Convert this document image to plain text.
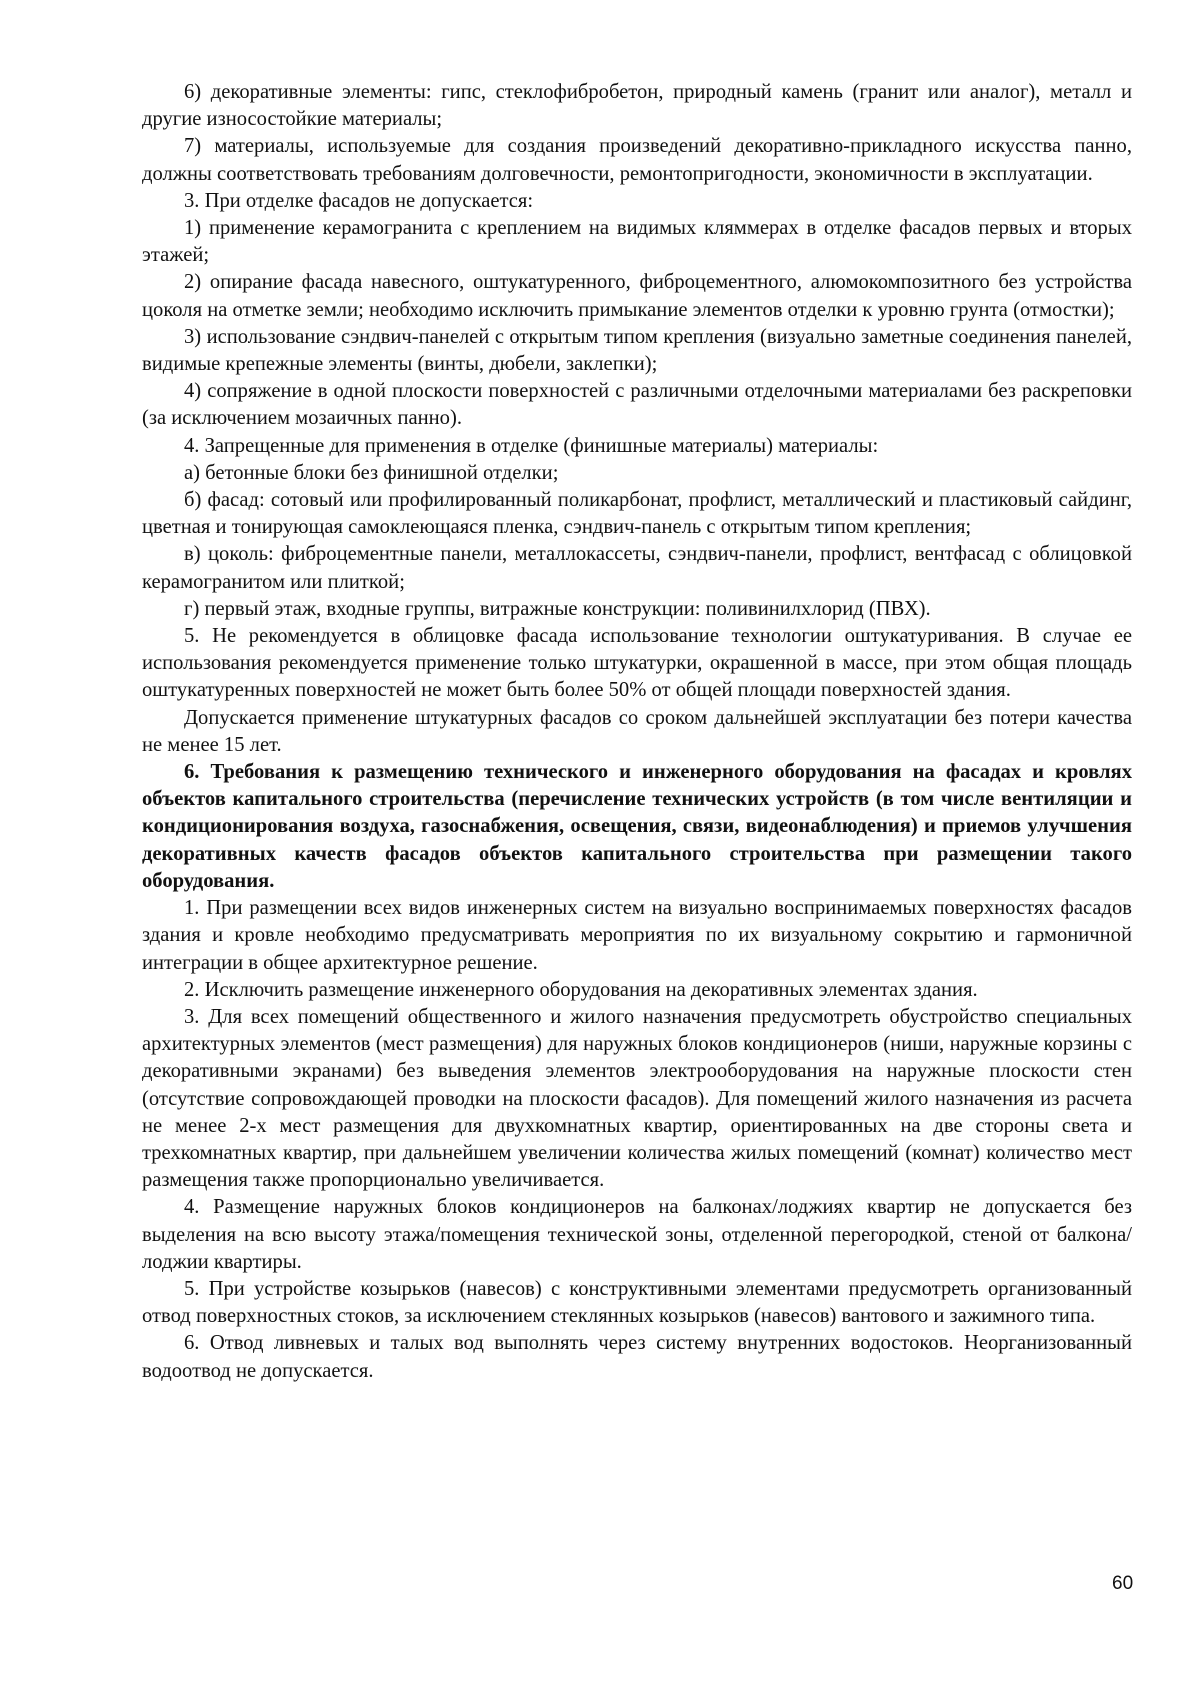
6) декоративные элементы: гипс, стеклофибробетон, природный камень (гранит или аналог), металл и другие износостойкие материалы;

7) материалы, используемые для создания произведений декоративно-прикладного искусства панно, должны соответствовать требованиям долговечности, ремонтопригодности, экономичности в эксплуатации.

3. При отделке фасадов не допускается:

1) применение керамогранита с креплением на видимых кляммерах в отделке фасадов первых и вторых этажей;

2) опирание фасада навесного, оштукатуренного, фиброцементного, алюмокомпозитного без устройства цоколя на отметке земли; необходимо исключить примыкание элементов отделки к уровню грунта (отмостки);

3) использование сэндвич-панелей с открытым типом крепления (визуально заметные соединения панелей, видимые крепежные элементы (винты, дюбели, заклепки);

4) сопряжение в одной плоскости поверхностей с различными отделочными материалами без раскреповки (за исключением мозаичных панно).

4. Запрещенные для применения в отделке (финишные материалы) материалы:

а) бетонные блоки без финишной отделки;

б) фасад: сотовый или профилированный поликарбонат, профлист, металлический и пластиковый сайдинг, цветная и тонирующая самоклеющаяся пленка, сэндвич-панель с открытым типом крепления;

в) цоколь: фиброцементные панели, металлокассеты, сэндвич-панели, профлист, вентфасад с облицовкой керамогранитом или плиткой;

г) первый этаж, входные группы, витражные конструкции: поливинилхлорид (ПВХ).

5. Не рекомендуется в облицовке фасада использование технологии оштукатуривания. В случае ее использования рекомендуется применение только штукатурки, окрашенной в массе, при этом общая площадь оштукатуренных поверхностей не может быть более 50% от общей площади поверхностей здания.

Допускается применение штукатурных фасадов со сроком дальнейшей эксплуатации без потери качества не менее 15 лет.

6. Требования к размещению технического и инженерного оборудования на фасадах и кровлях объектов капитального строительства (перечисление технических устройств (в том числе вентиляции и кондиционирования воздуха, газоснабжения, освещения, связи, видеонаблюдения) и приемов улучшения декоративных качеств фасадов объектов капитального строительства при размещении такого оборудования.

1. При размещении всех видов инженерных систем на визуально воспринимаемых поверхностях фасадов здания и кровле необходимо предусматривать мероприятия по их визуальному сокрытию и гармоничной интеграции в общее архитектурное решение.

2. Исключить размещение инженерного оборудования на декоративных элементах здания.

3. Для всех помещений общественного и жилого назначения предусмотреть обустройство специальных архитектурных элементов (мест размещения) для наружных блоков кондиционеров (ниши, наружные корзины с декоративными экранами) без выведения элементов электрооборудования на наружные плоскости стен (отсутствие сопровождающей проводки на плоскости фасадов). Для помещений жилого назначения из расчета не менее 2-х мест размещения для двухкомнатных квартир, ориентированных на две стороны света и трехкомнатных квартир, при дальнейшем увеличении количества жилых помещений (комнат) количество мест размещения также пропорционально увеличивается.

4. Размещение наружных блоков кондиционеров на балконах/лоджиях квартир не допускается без выделения на всю высоту этажа/помещения технической зоны, отделенной перегородкой, стеной от балкона/лоджии квартиры.

5. При устройстве козырьков (навесов) с конструктивными элементами предусмотреть организованный отвод поверхностных стоков, за исключением стеклянных козырьков (навесов) вантового и зажимного типа.

6. Отвод ливневых и талых вод выполнять через систему внутренних водостоков. Неорганизованный водоотвод не допускается.

60
